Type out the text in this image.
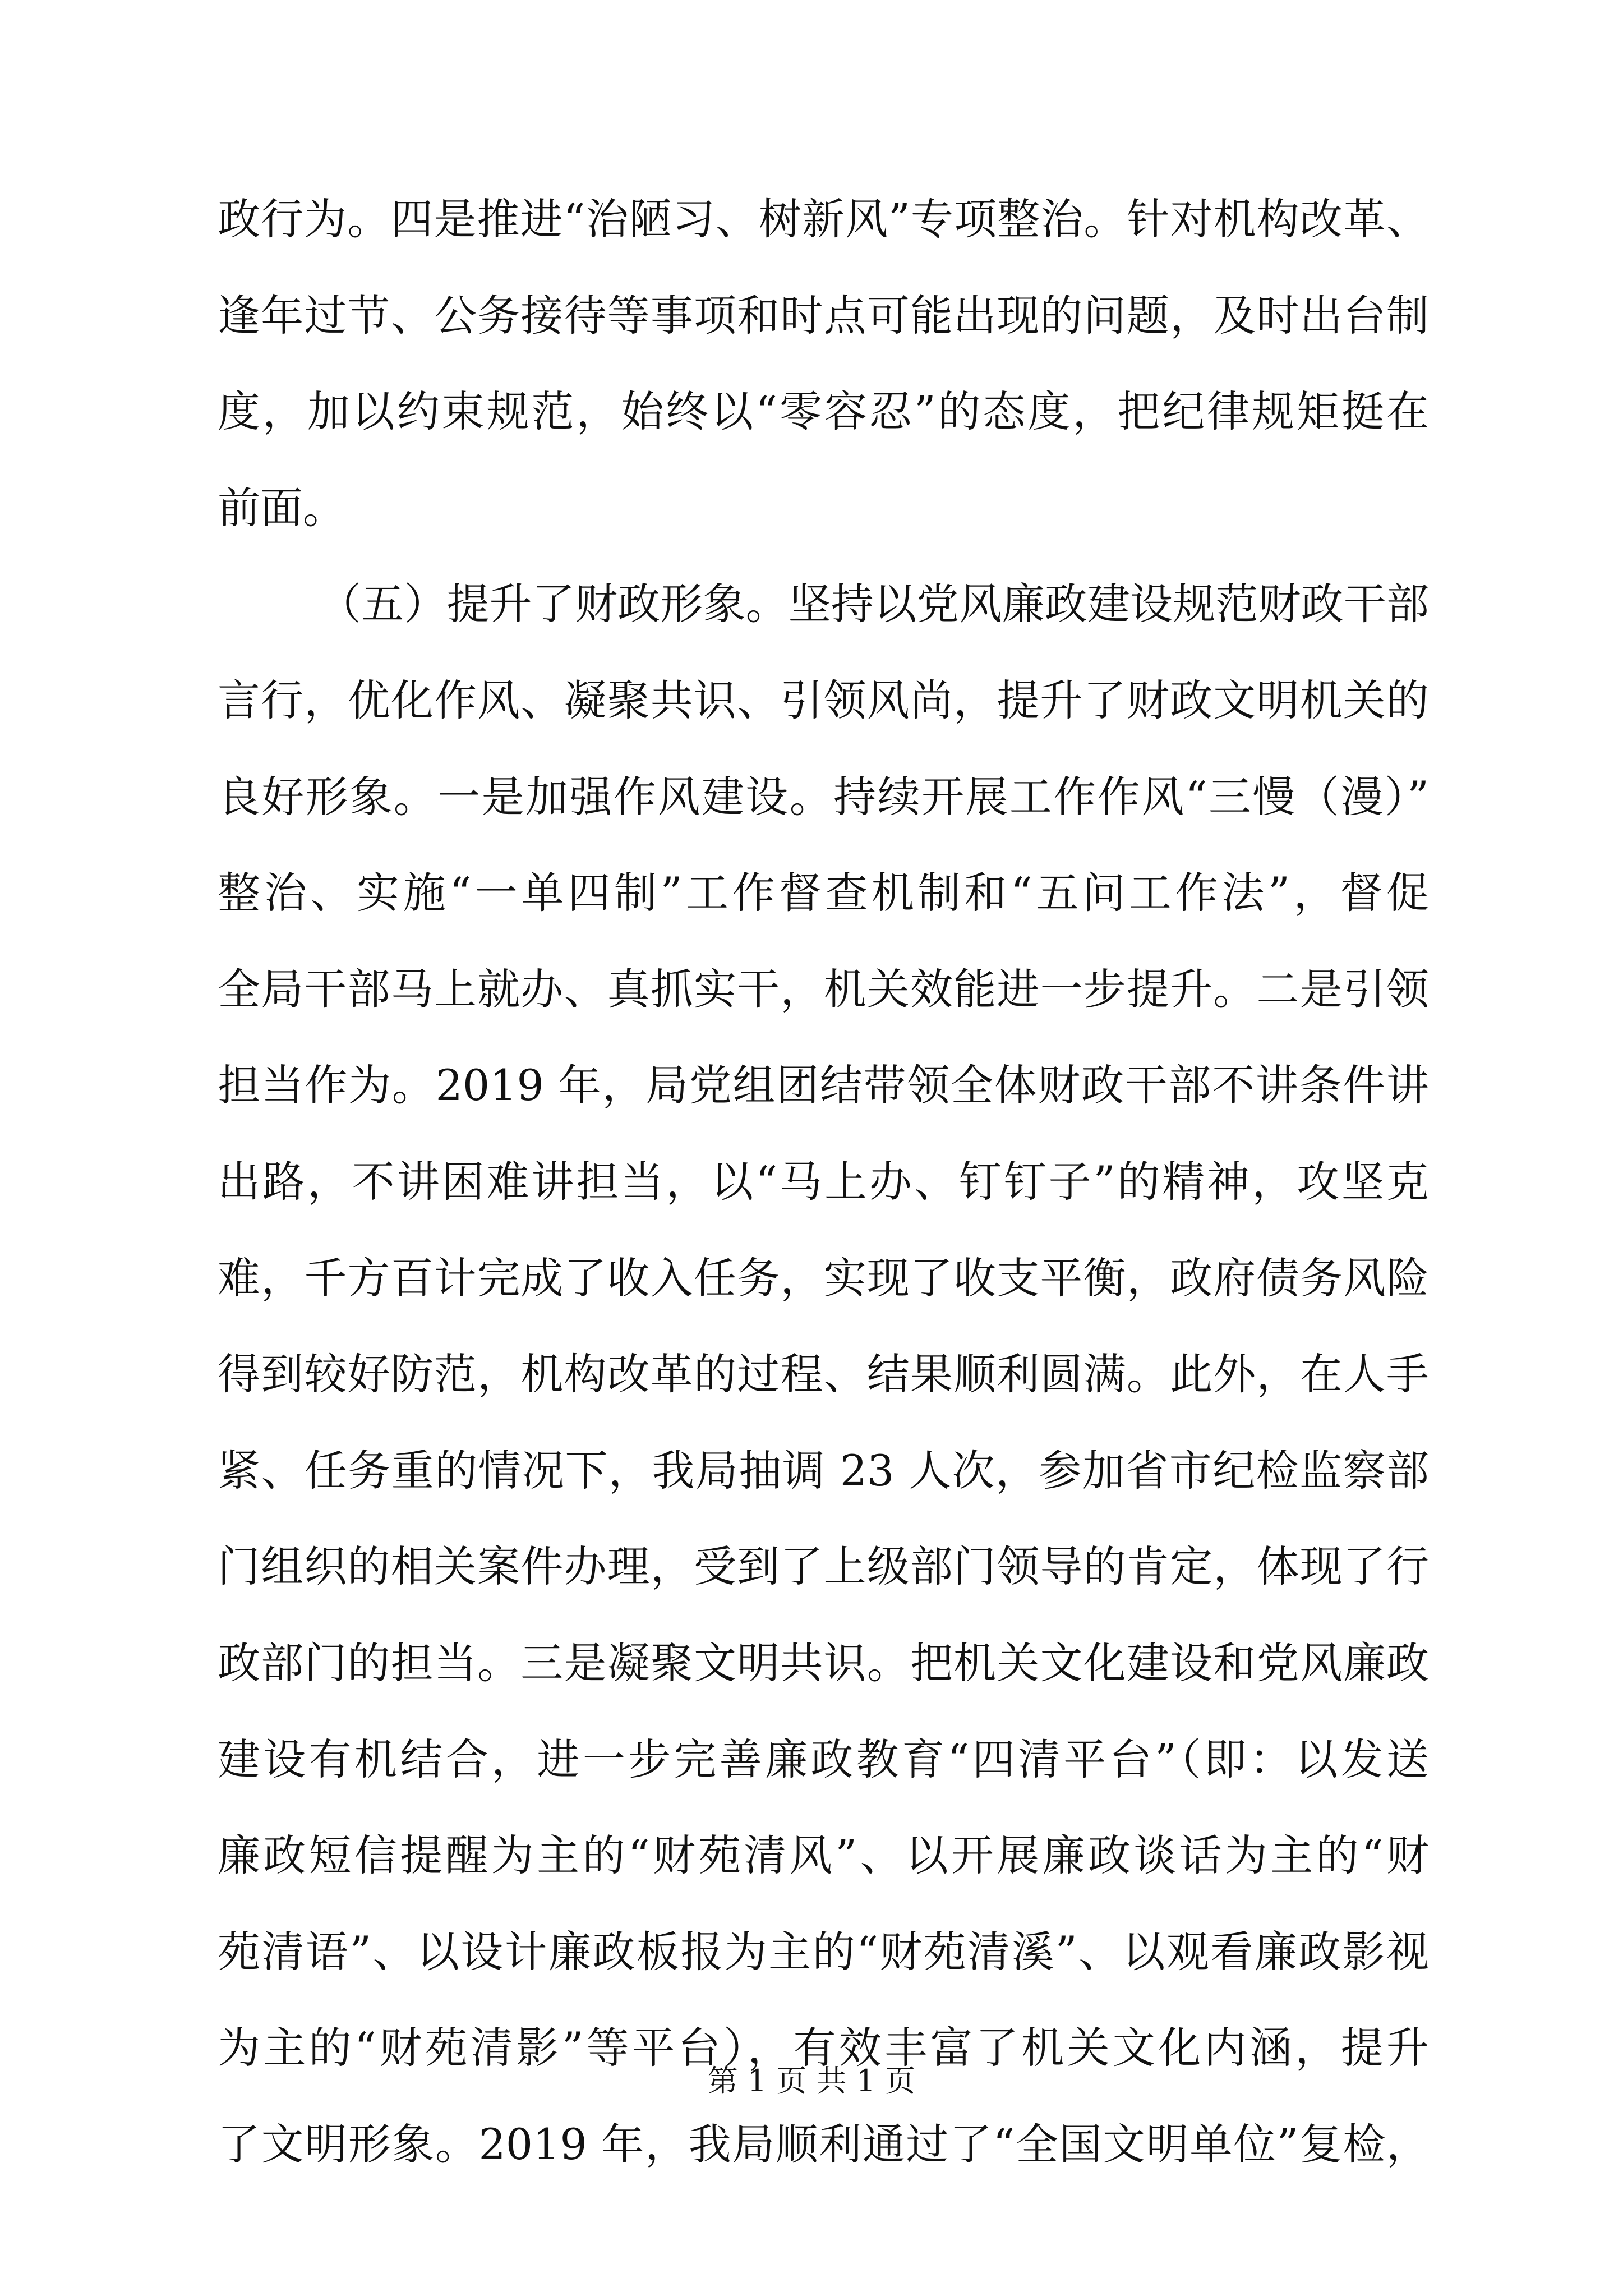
政行为。四是推进“治陋习、树新风”专项整治。针对机构改革、
逢年过节、公务接待等事项和时点可能出现的问题，及时出台制
度，加以约束规范，始终以“零容忍”的态度，把纪律规矩挺在
前面。
（五）提升了财政形象。坚持以党风廉政建设规范财政干部
言行，优化作风、凝聚共识、引领风尚，提升了财政文明机关的
良好形象。一是加强作风建设。持续开展工作作风“三慢（漫）”
整治、实施“一单四制”工作督查机制和“五问工作法”，督促
全局干部马上就办、真抓实干，机关效能进一步提升。二是引领
担当作为。2019 年，局党组团结带领全体财政干部不讲条件讲
出路，不讲困难讲担当，以“马上办、钉钉子”的精神，攻坚克
难，千方百计完成了收入任务，实现了收支平衡，政府债务风险
得到较好防范，机构改革的过程、结果顺利圆满。此外，在人手
紧、任务重的情况下，我局抽调 23 人次，参加省市纪检监察部
门组织的相关案件办理，受到了上级部门领导的肯定，体现了行
政部门的担当。三是凝聚文明共识。把机关文化建设和党风廉政
建设有机结合，进一步完善廉政教育“四清平台”（即：以发送
廉政短信提醒为主的“财苑清风”、以开展廉政谈话为主的“财
苑清语”、以设计廉政板报为主的“财苑清溪”、以观看廉政影视
为主的“财苑清影”等平台），有效丰富了机关文化内涵，提升
了文明形象。2019 年，我局顺利通过了“全国文明单位”复检，
第 1 页 共 1 页
